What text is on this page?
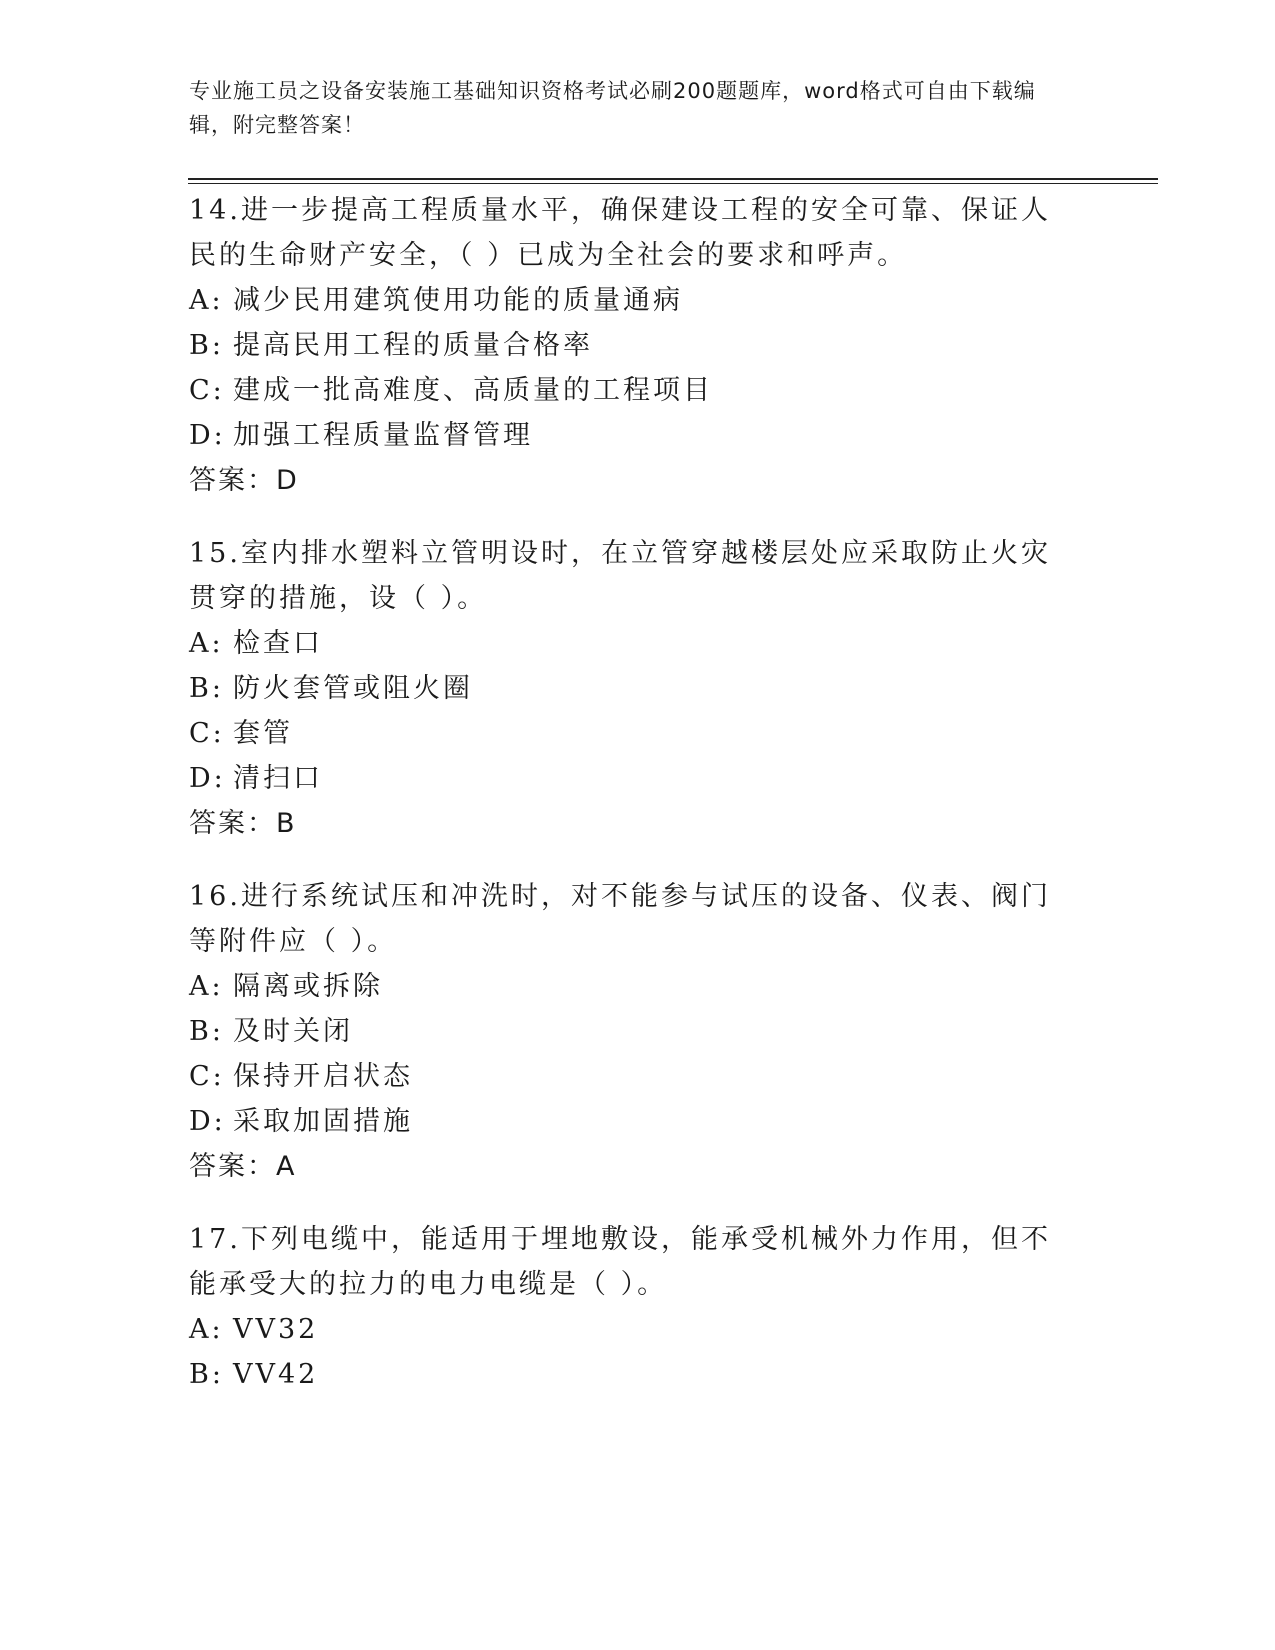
专业施工员之设备安装施工基础知识资格考试必刷200题题库，word格式可自由下载编辑，附完整答案！
14.进一步提高工程质量水平，确保建设工程的安全可靠、保证人民的生命财产安全，（ ）已成为全社会的要求和呼声。
A: 减少民用建筑使用功能的质量通病
B: 提高民用工程的质量合格率
C: 建成一批高难度、高质量的工程项目
D: 加强工程质量监督管理
答案：D
15.室内排水塑料立管明设时，在立管穿越楼层处应采取防止火灾贯穿的措施，设（ ）。
A: 检查口
B: 防火套管或阻火圈
C: 套管
D: 清扫口
答案：B
16.进行系统试压和冲洗时，对不能参与试压的设备、仪表、阀门等附件应（ ）。
A: 隔离或拆除
B: 及时关闭
C: 保持开启状态
D: 采取加固措施
答案：A
17.下列电缆中，能适用于埋地敷设，能承受机械外力作用，但不能承受大的拉力的电力电缆是（ ）。
A: VV32
B: VV42
